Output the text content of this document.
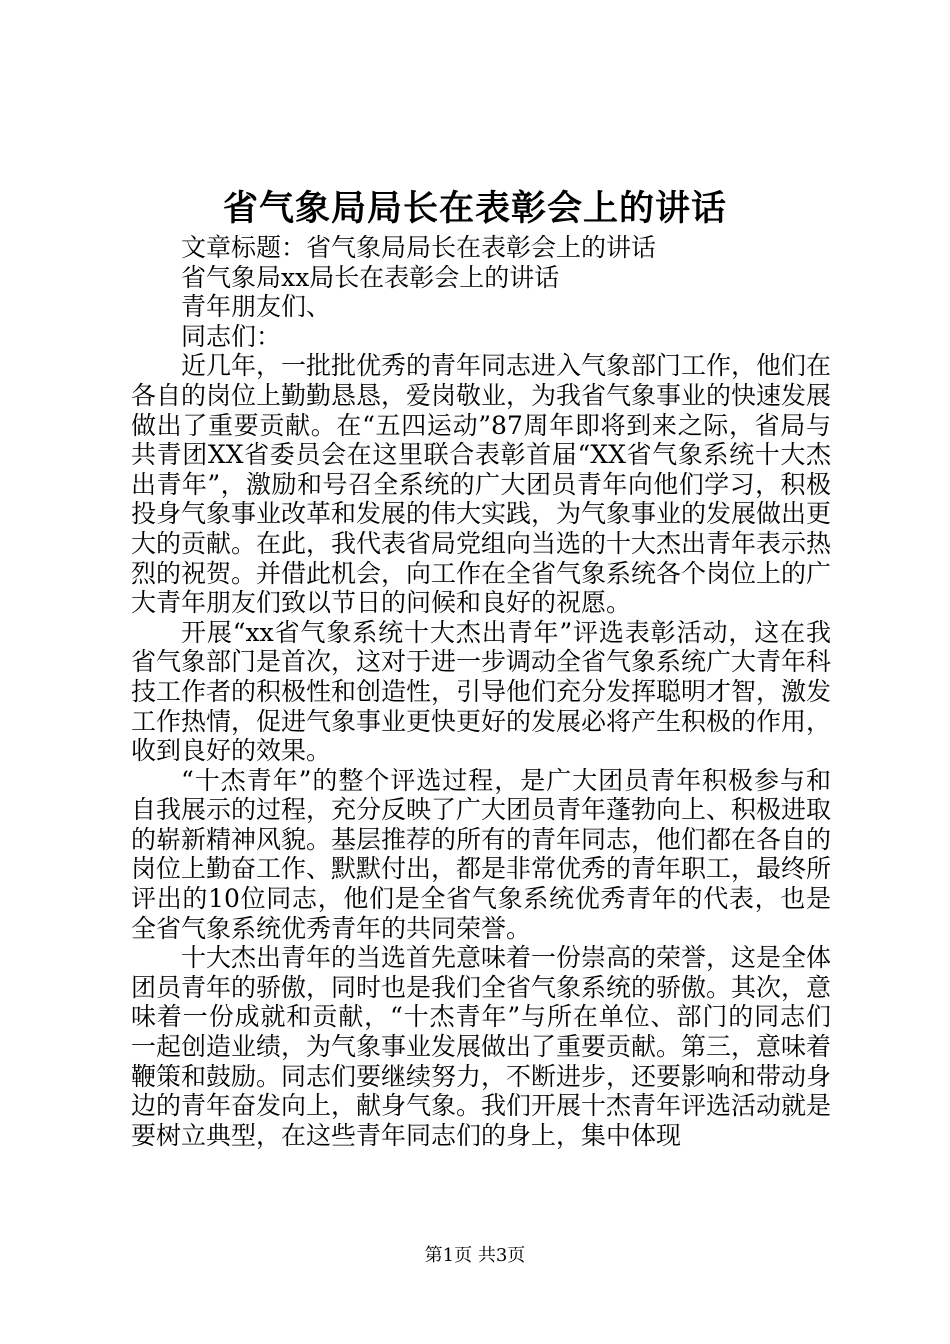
省气象局局长在表彰会上的讲话

文章标题：省气象局局长在表彰会上的讲话

省气象局xx局长在表彰会上的讲话

青年朋友们、

同志们：

近几年，一批批优秀的青年同志进入气象部门工作，他们在各自的岗位上勤勤恳恳，爱岗敬业，为我省气象事业的快速发展做出了重要贡献。在“五四运动”87周年即将到来之际，省局与共青团XX省委员会在这里联合表彰首届“XX省气象系统十大杰出青年”，激励和号召全系统的广大团员青年向他们学习，积极投身气象事业改革和发展的伟大实践，为气象事业的发展做出更大的贡献。在此，我代表省局党组向当选的十大杰出青年表示热烈的祝贺。并借此机会，向工作在全省气象系统各个岗位上的广大青年朋友们致以节日的问候和良好的祝愿。

开展“xx省气象系统十大杰出青年”评选表彰活动，这在我省气象部门是首次，这对于进一步调动全省气象系统广大青年科技工作者的积极性和创造性，引导他们充分发挥聪明才智，激发工作热情，促进气象事业更快更好的发展必将产生积极的作用，收到良好的效果。

“十杰青年”的整个评选过程，是广大团员青年积极参与和自我展示的过程，充分反映了广大团员青年蓬勃向上、积极进取的崭新精神风貌。基层推荐的所有的青年同志，他们都在各自的岗位上勤奋工作、默默付出，都是非常优秀的青年职工，最终所评出的10位同志，他们是全省气象系统优秀青年的代表，也是全省气象系统优秀青年的共同荣誉。

十大杰出青年的当选首先意味着一份崇高的荣誉，这是全体团员青年的骄傲，同时也是我们全省气象系统的骄傲。其次，意味着一份成就和贡献，“十杰青年”与所在单位、部门的同志们一起创造业绩，为气象事业发展做出了重要贡献。第三，意味着鞭策和鼓励。同志们要继续努力，不断进步，还要影响和带动身边的青年奋发向上，献身气象。我们开展十杰青年评选活动就是要树立典型，在这些青年同志们的身上，集中体现

第1页 共3页
